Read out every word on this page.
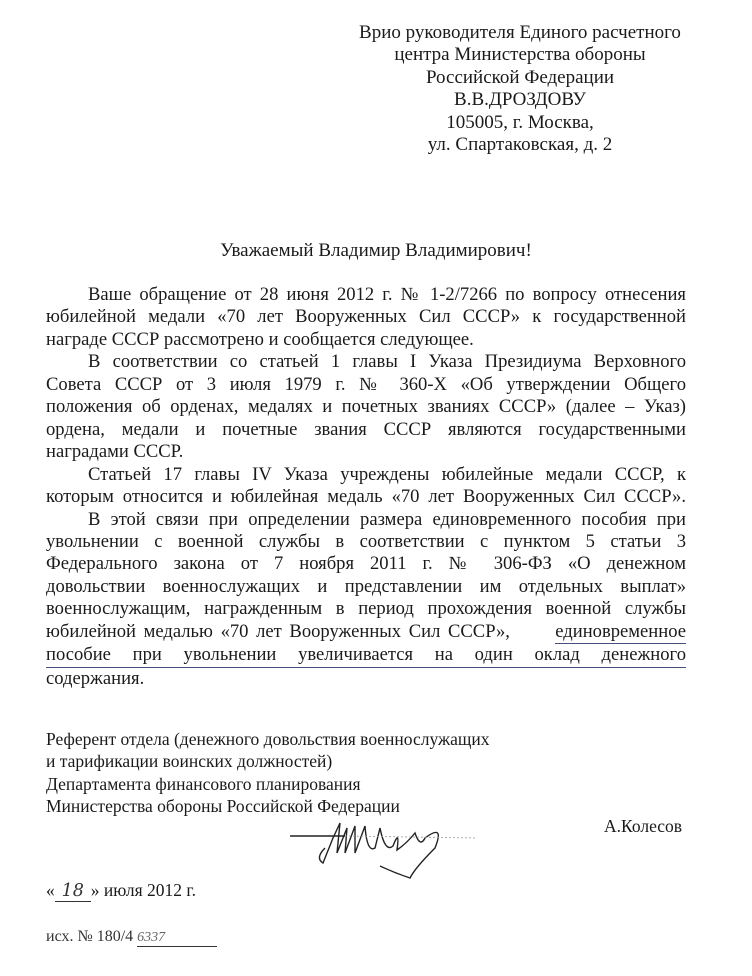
Врио руководителя Единого расчетного
центра Министерства обороны
Российской Федерации
В.В.ДРОЗДОВУ
105005, г. Москва,
ул. Спартаковская, д. 2
Уважаемый Владимир Владимирович!
Ваше обращение от 28 июня 2012 г. № 1-2/7266 по вопросу отнесения
юбилейной медали «70 лет Вооруженных Сил СССР» к государственной
награде СССР рассмотрено и сообщается следующее.
В соответствии со статьей 1 главы I Указа Президиума Верховного
Совета СССР от 3 июля 1979 г. № 360-Х «Об утверждении Общего
положения об орденах, медалях и почетных званиях СССР» (далее – Указ)
ордена, медали и почетные звания СССР являются государственными
наградами СССР.
Статьей 17 главы IV Указа учреждены юбилейные медали СССР, к
которым относится и юбилейная медаль «70 лет Вооруженных Сил СССР».
В этой связи при определении размера единовременного пособия при
увольнении с военной службы в соответствии с пунктом 5 статьи 3
Федерального закона от 7 ноября 2011 г. № 306-ФЗ «О денежном
довольствии военнослужащих и представлении им отдельных выплат»
военнослужащим, награжденным в период прохождения военной службы
юбилейной медалью «70 лет Вооруженных Сил СССР», единовременное
пособие при увольнении увеличивается на один оклад денежного
содержания.
Референт отдела (денежного довольствия военнослужащих
и тарификации воинских должностей)
Департамента финансового планирования
Министерства обороны Российской Федерации
А.Колесов
« 18 » июля 2012 г.
исх. № 180/4 6337
